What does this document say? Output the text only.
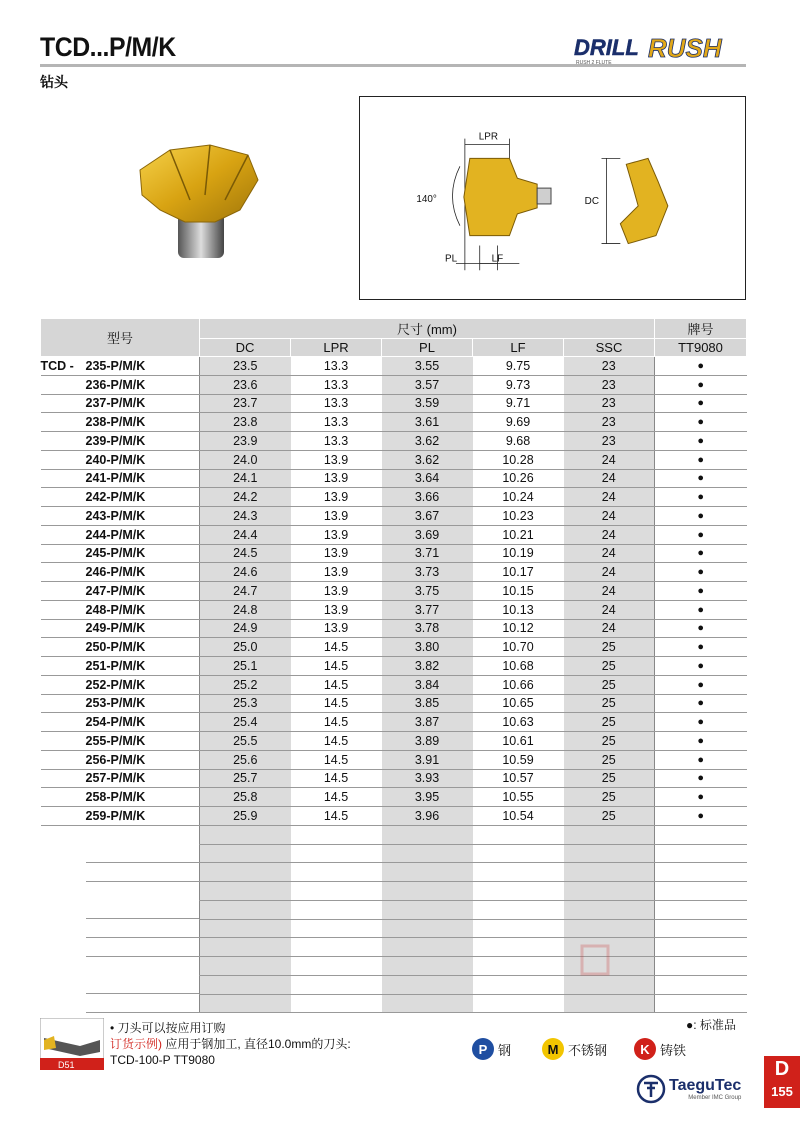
TCD...P/M/K
钻头
DRILL RUSH
RUSH 2 FLUTE
LPR
140°	DC
PL	LF
型号	尺寸 (mm)					牌号
	DC	LPR	PL	LF	SSC	TT9080
TCD -235-P/M/K	23.5	13.3	3.55	9.75	23	●
236-P/M/K	23.6	13.3	3.57	9.73	23	●
237-P/M/K	23.7	13.3	3.59	9.71	23	●
238-P/M/K	23.8	13.3	3.61	9.69	23	●
239-P/M/K	23.9	13.3	3.62	9.68	23	●
240-P/M/K	24.0	13.9	3.62	10.28	24	●
241-P/M/K	24.1	13.9	3.64	10.26	24	●
242-P/M/K	24.2	13.9	3.66	10.24	24	●
243-P/M/K	24.3	13.9	3.67	10.23	24	●
244-P/M/K	24.4	13.9	3.69	10.21	24	●
245-P/M/K	24.5	13.9	3.71	10.19	24	●
246-P/M/K	24.6	13.9	3.73	10.17	24	●
247-P/M/K	24.7	13.9	3.75	10.15	24	●
248-P/M/K	24.8	13.9	3.77	10.13	24	●
249-P/M/K	24.9	13.9	3.78	10.12	24	●
250-P/M/K	25.0	14.5	3.80	10.70	25	●
251-P/M/K	25.1	14.5	3.82	10.68	25	●
252-P/M/K	25.2	14.5	3.84	10.66	25	●
253-P/M/K	25.3	14.5	3.85	10.65	25	●
254-P/M/K	25.4	14.5	3.87	10.63	25	●
255-P/M/K	25.5	14.5	3.89	10.61	25	●
256-P/M/K	25.6	14.5	3.91	10.59	25	●
257-P/M/K	25.7	14.5	3.93	10.57	25	●
258-P/M/K	25.8	14.5	3.95	10.55	25	●
259-P/M/K	25.9	14.5	3.96	10.54	25	●

D51
• 刀头可以按应用订购
订货示例) 应用于钢加工, 直径10.0mm的刀头:
TCD-100-P TT9080
●: 标准品
P 钢	M 不锈钢	K 铸铁
TaeguTec
Member IMC Group
D
155
